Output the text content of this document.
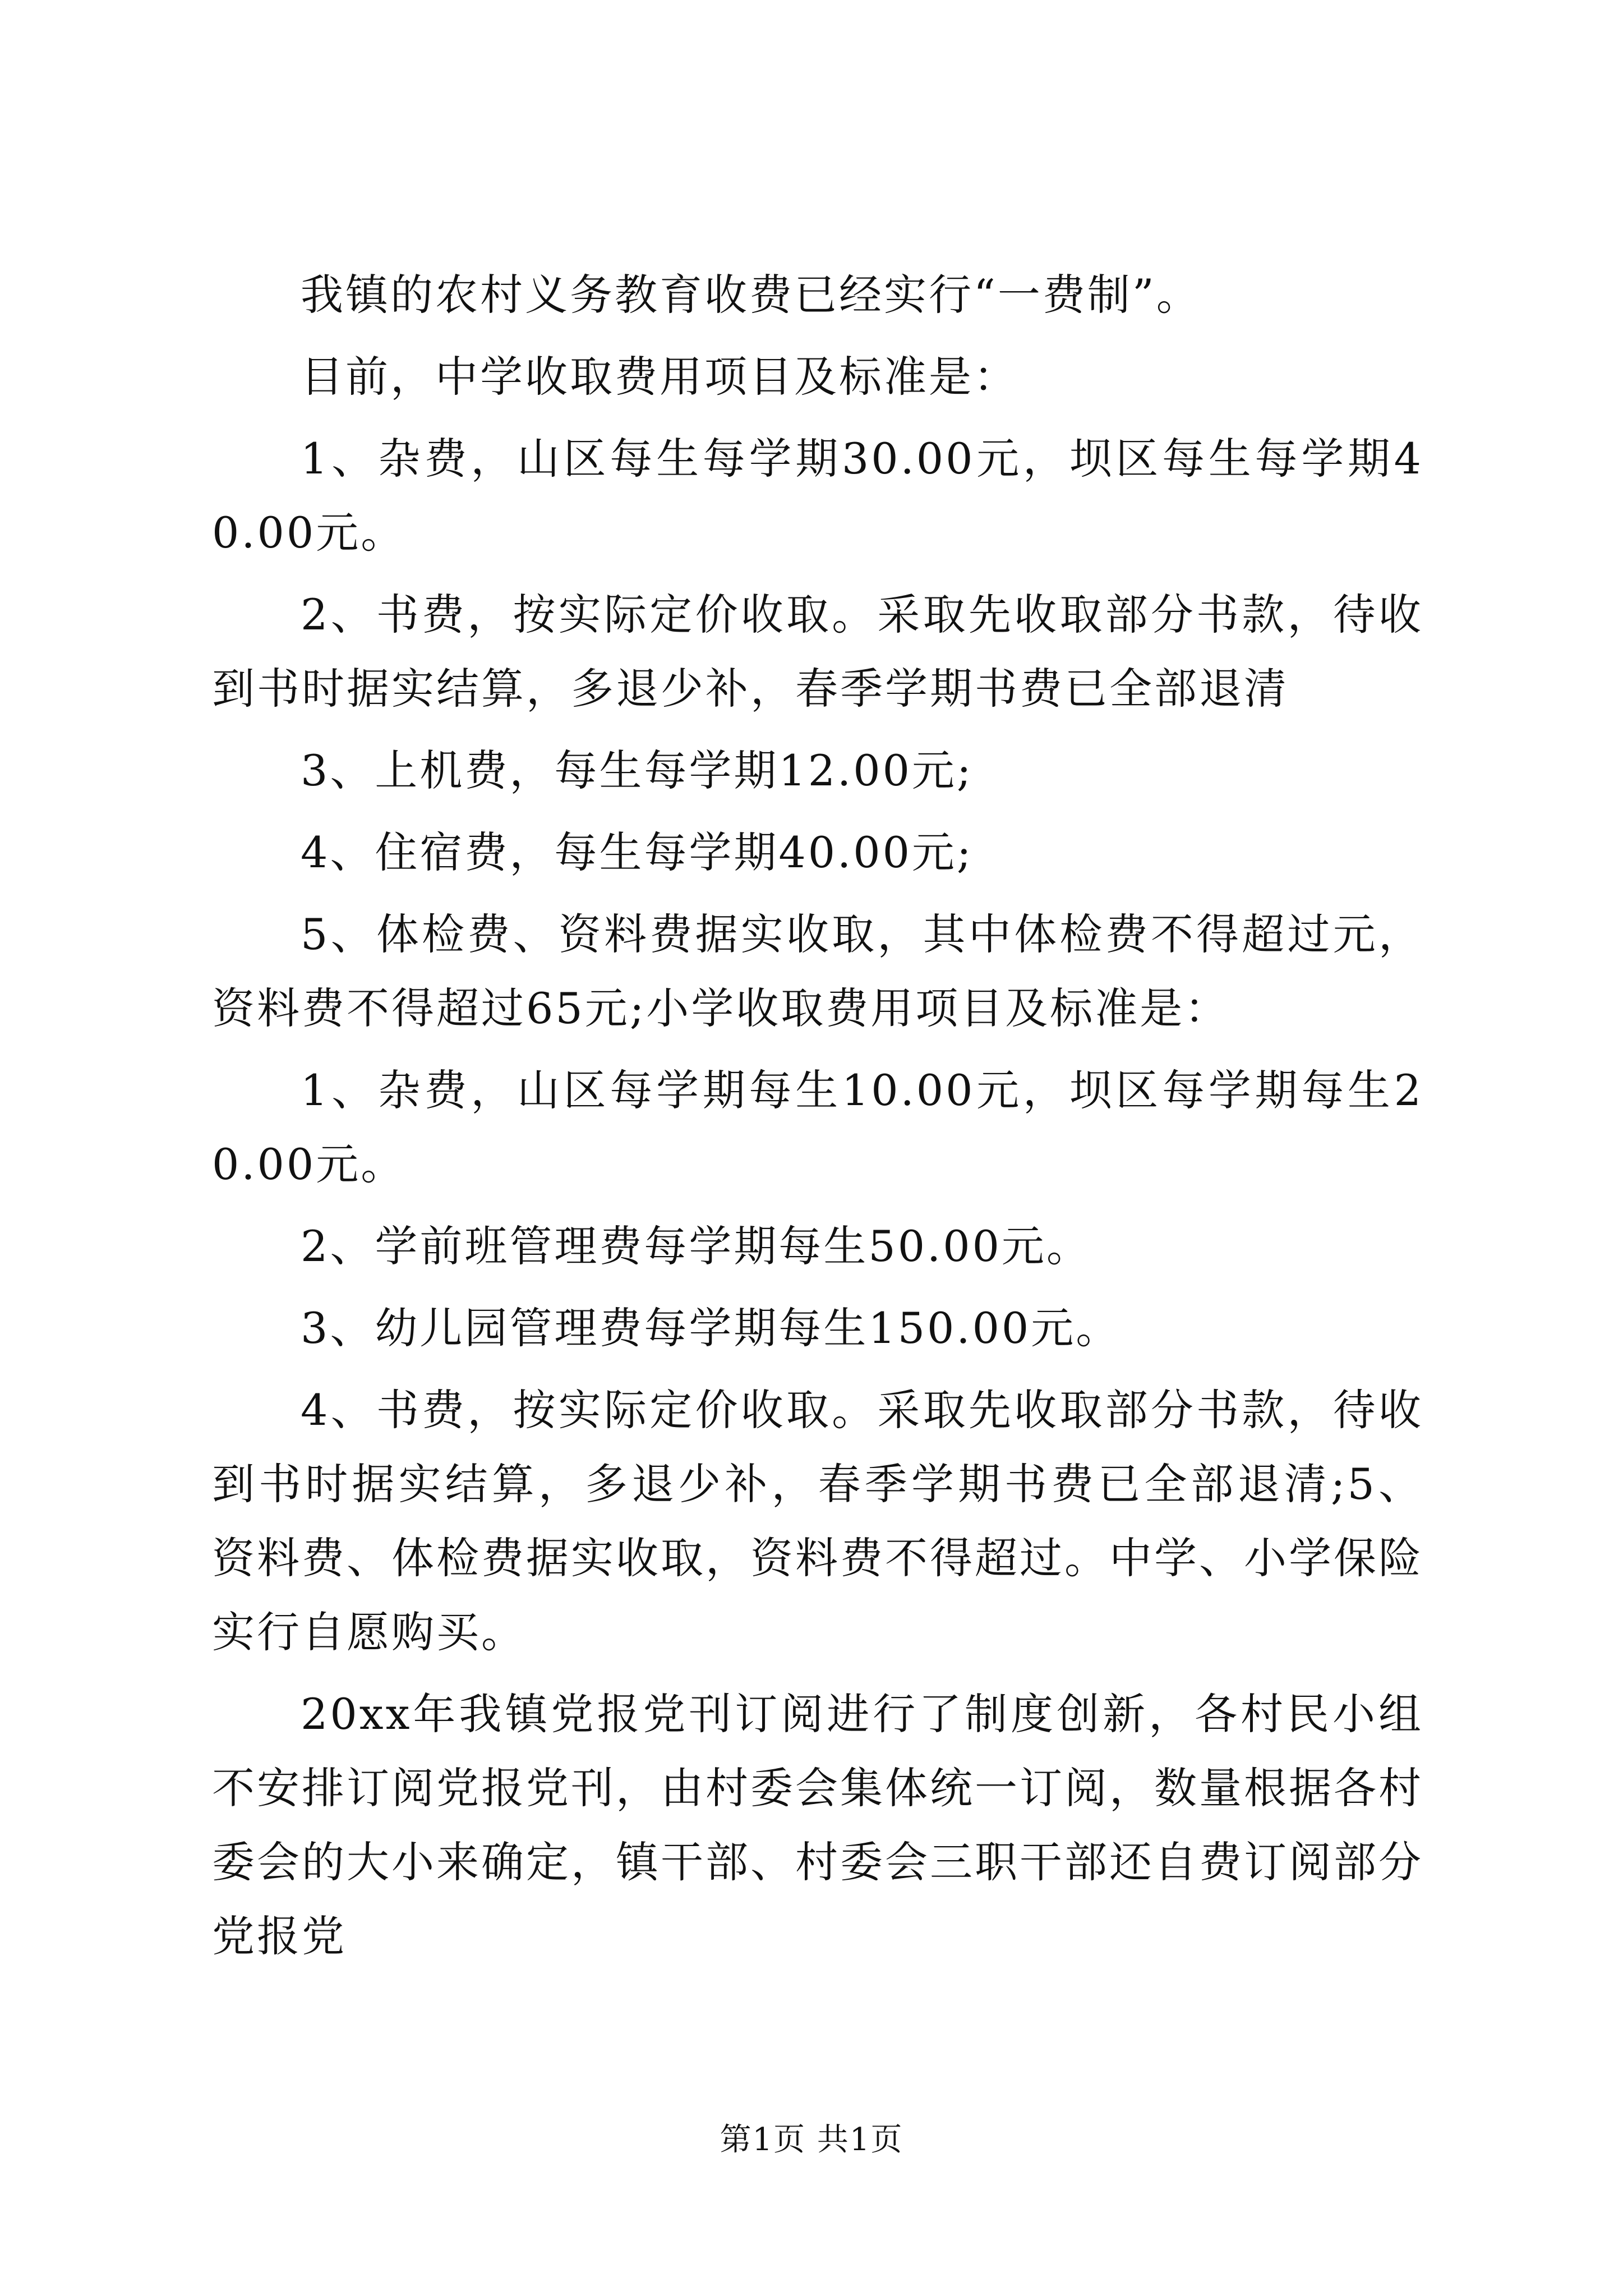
我镇的农村义务教育收费已经实行“一费制”。

目前，中学收取费用项目及标准是：

1、杂费，山区每生每学期30.00元，坝区每生每学期40.00元。

2、书费，按实际定价收取。采取先收取部分书款，待收到书时据实结算，多退少补，春季学期书费已全部退清

3、上机费，每生每学期12.00元;

4、住宿费，每生每学期40.00元;

5、体检费、资料费据实收取，其中体检费不得超过元，资料费不得超过65元;小学收取费用项目及标准是：

1、杂费，山区每学期每生10.00元，坝区每学期每生20.00元。

2、学前班管理费每学期每生50.00元。

3、幼儿园管理费每学期每生150.00元。

4、书费，按实际定价收取。采取先收取部分书款，待收到书时据实结算，多退少补，春季学期书费已全部退清;5、资料费、体检费据实收取，资料费不得超过。中学、小学保险实行自愿购买。

20xx年我镇党报党刊订阅进行了制度创新，各村民小组不安排订阅党报党刊，由村委会集体统一订阅，数量根据各村委会的大小来确定，镇干部、村委会三职干部还自费订阅部分党报党

第1页 共1页
